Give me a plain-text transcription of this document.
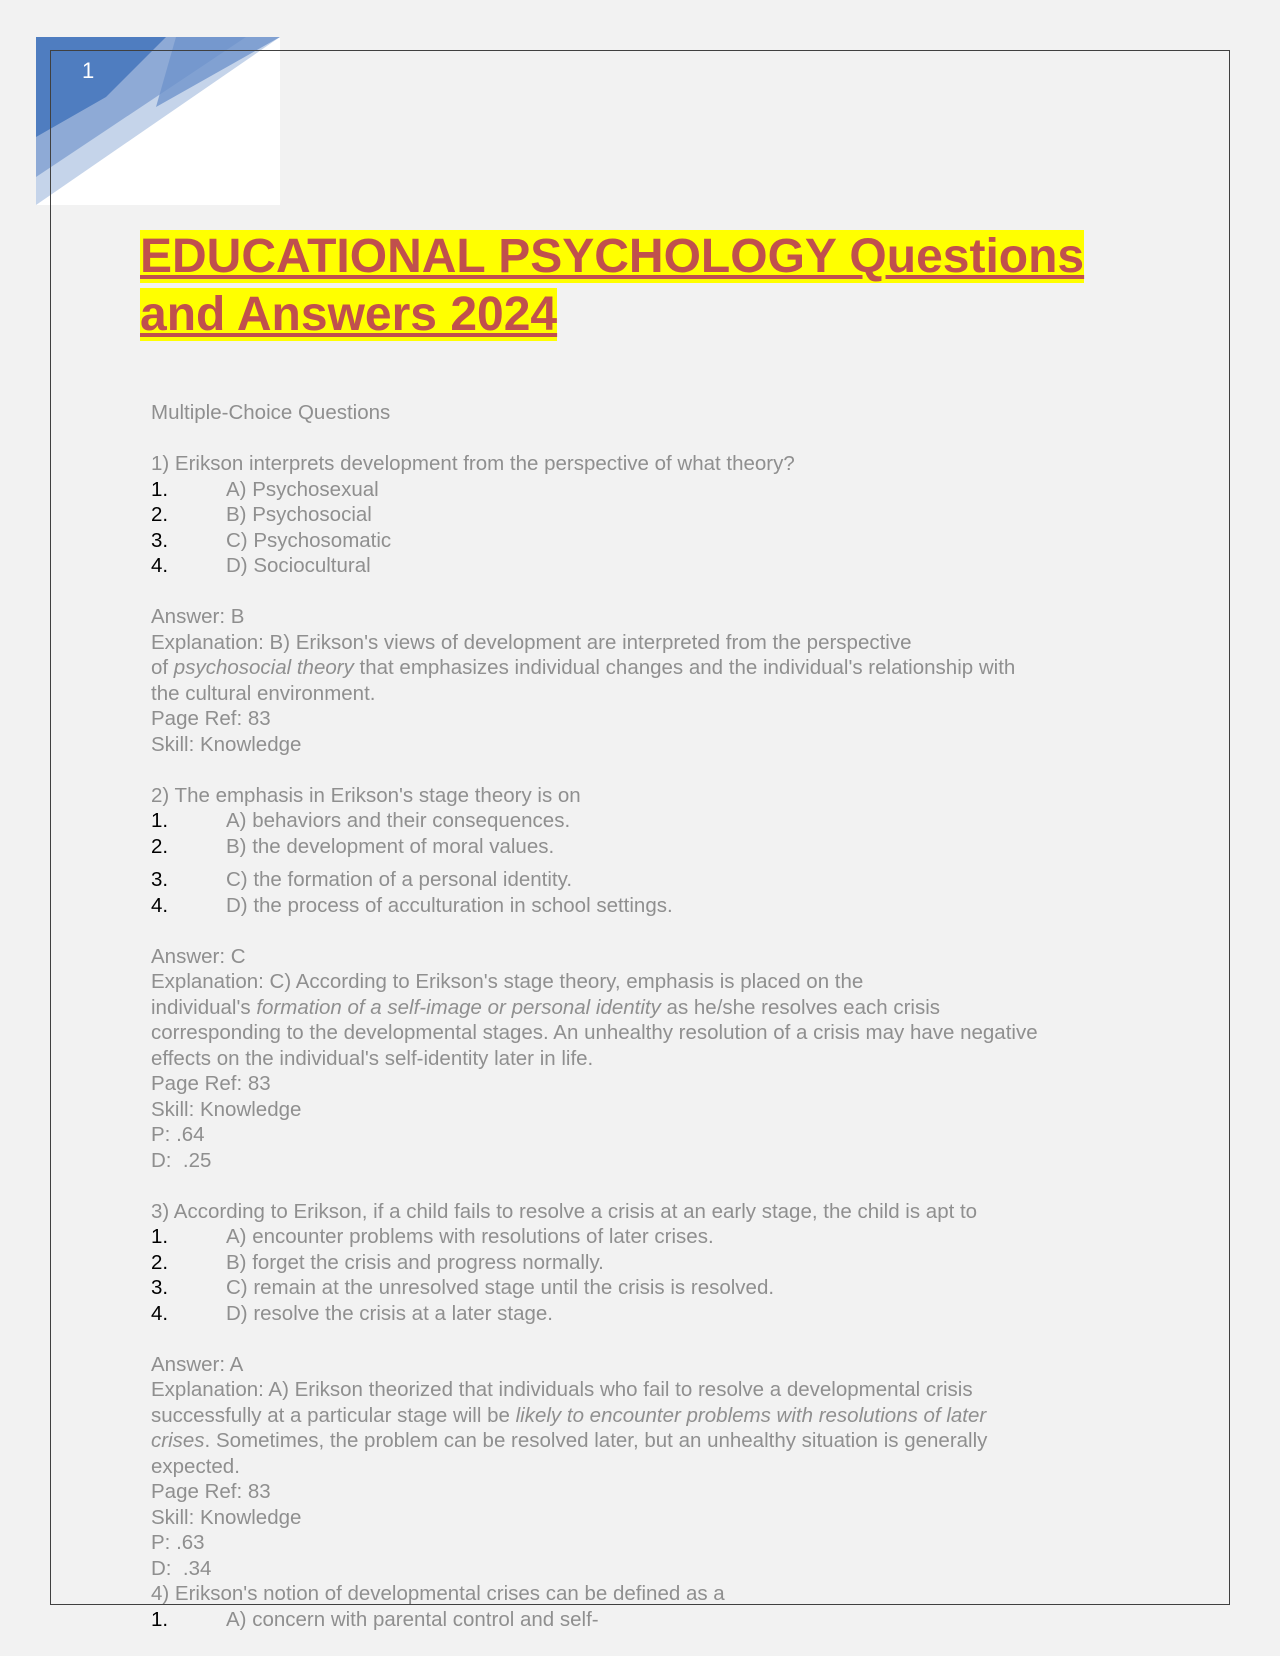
1
EDUCATIONAL PSYCHOLOGY Questions and Answers 2024
Multiple-Choice Questions
1) Erikson interprets development from the perspective of what theory?
1.	A) Psychosexual
2.	B) Psychosocial
3.	C) Psychosomatic
4.	D) Sociocultural
Answer: B
Explanation: B) Erikson's views of development are interpreted from the perspective
of psychosocial theory that emphasizes individual changes and the individual's relationship with
the cultural environment.
Page Ref: 83
Skill: Knowledge
2) The emphasis in Erikson's stage theory is on
1.	A) behaviors and their consequences.
2.	B) the development of moral values.
3.	C) the formation of a personal identity.
4.	D) the process of acculturation in school settings.
Answer: C
Explanation: C) According to Erikson's stage theory, emphasis is placed on the
individual's formation of a self-image or personal identity as he/she resolves each crisis
corresponding to the developmental stages. An unhealthy resolution of a crisis may have negative
effects on the individual's self-identity later in life.
Page Ref: 83
Skill: Knowledge
P: .64
D:  .25
3) According to Erikson, if a child fails to resolve a crisis at an early stage, the child is apt to
1.	A) encounter problems with resolutions of later crises.
2.	B) forget the crisis and progress normally.
3.	C) remain at the unresolved stage until the crisis is resolved.
4.	D) resolve the crisis at a later stage.
Answer: A
Explanation: A) Erikson theorized that individuals who fail to resolve a developmental crisis
successfully at a particular stage will be likely to encounter problems with resolutions of later
crises. Sometimes, the problem can be resolved later, but an unhealthy situation is generally
expected.
Page Ref: 83
Skill: Knowledge
P: .63
D:  .34
4) Erikson's notion of developmental crises can be defined as a
1.	A) concern with parental control and self-
